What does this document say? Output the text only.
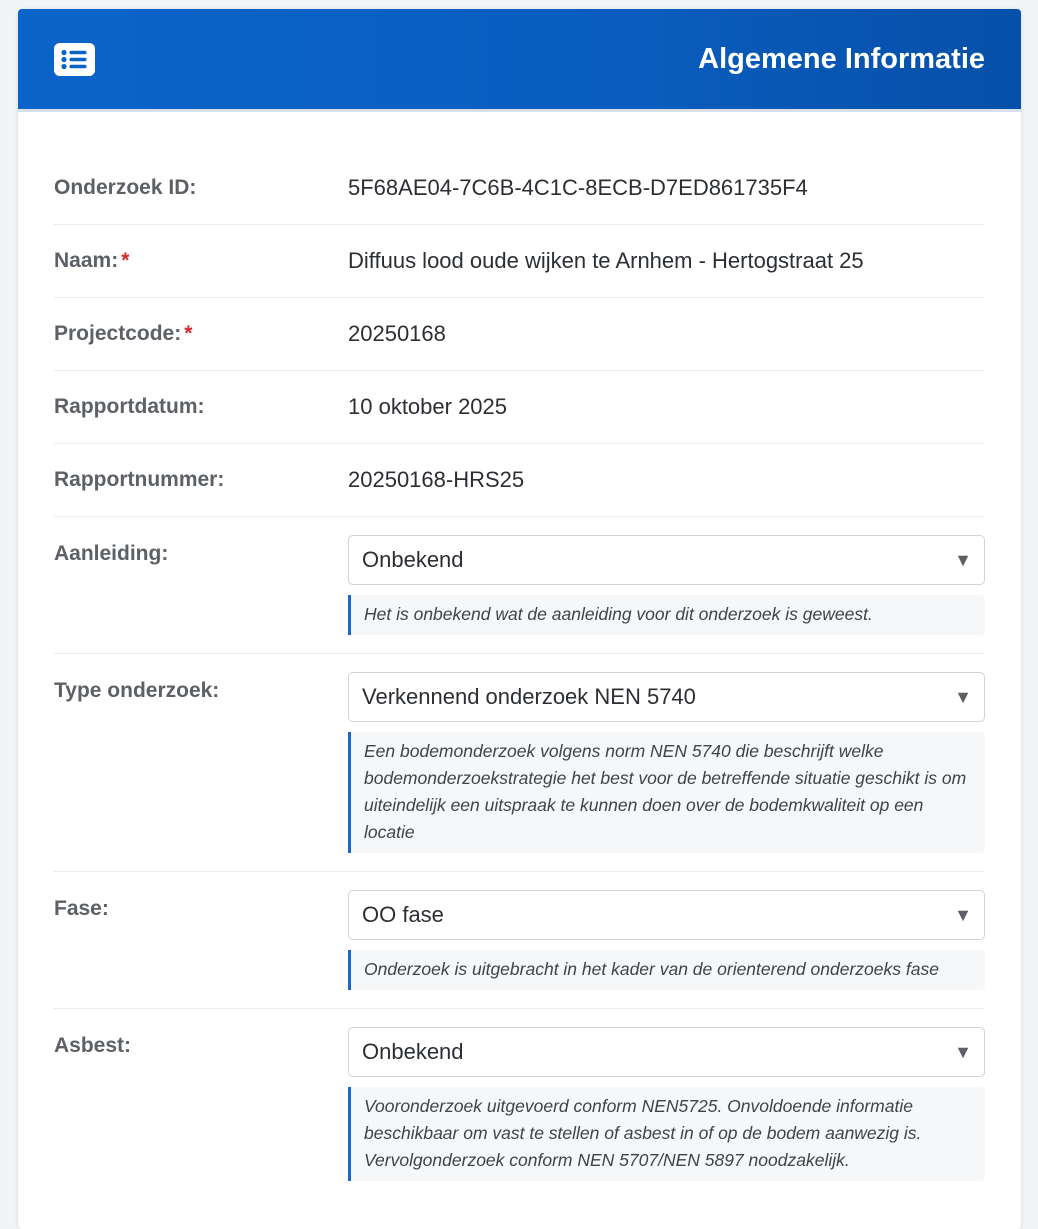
Algemene Informatie
Onderzoek ID:	5F68AE04-7C6B-4C1C-8ECB-D7ED861735F4
Naam: *	Diffuus lood oude wijken te Arnhem - Hertogstraat 25
Projectcode: *	20250168
Rapportdatum:	10 oktober 2025
Rapportnummer:	20250168-HRS25
Aanleiding:	Onbekend	▼
Het is onbekend wat de aanleiding voor dit onderzoek is geweest.
Type onderzoek:	Verkennend onderzoek NEN 5740	▼
Een bodemonderzoek volgens norm NEN 5740 die beschrijft welke bodemonderzoekstrategie het best voor de betreffende situatie geschikt is om uiteindelijk een uitspraak te kunnen doen over de bodemkwaliteit op een locatie
Fase:	OO fase	▼
Onderzoek is uitgebracht in het kader van de orienterend onderzoeks fase
Asbest:	Onbekend	▼
Vooronderzoek uitgevoerd conform NEN5725. Onvoldoende informatie beschikbaar om vast te stellen of asbest in of op de bodem aanwezig is. Vervolgonderzoek conform NEN 5707/NEN 5897 noodzakelijk.
